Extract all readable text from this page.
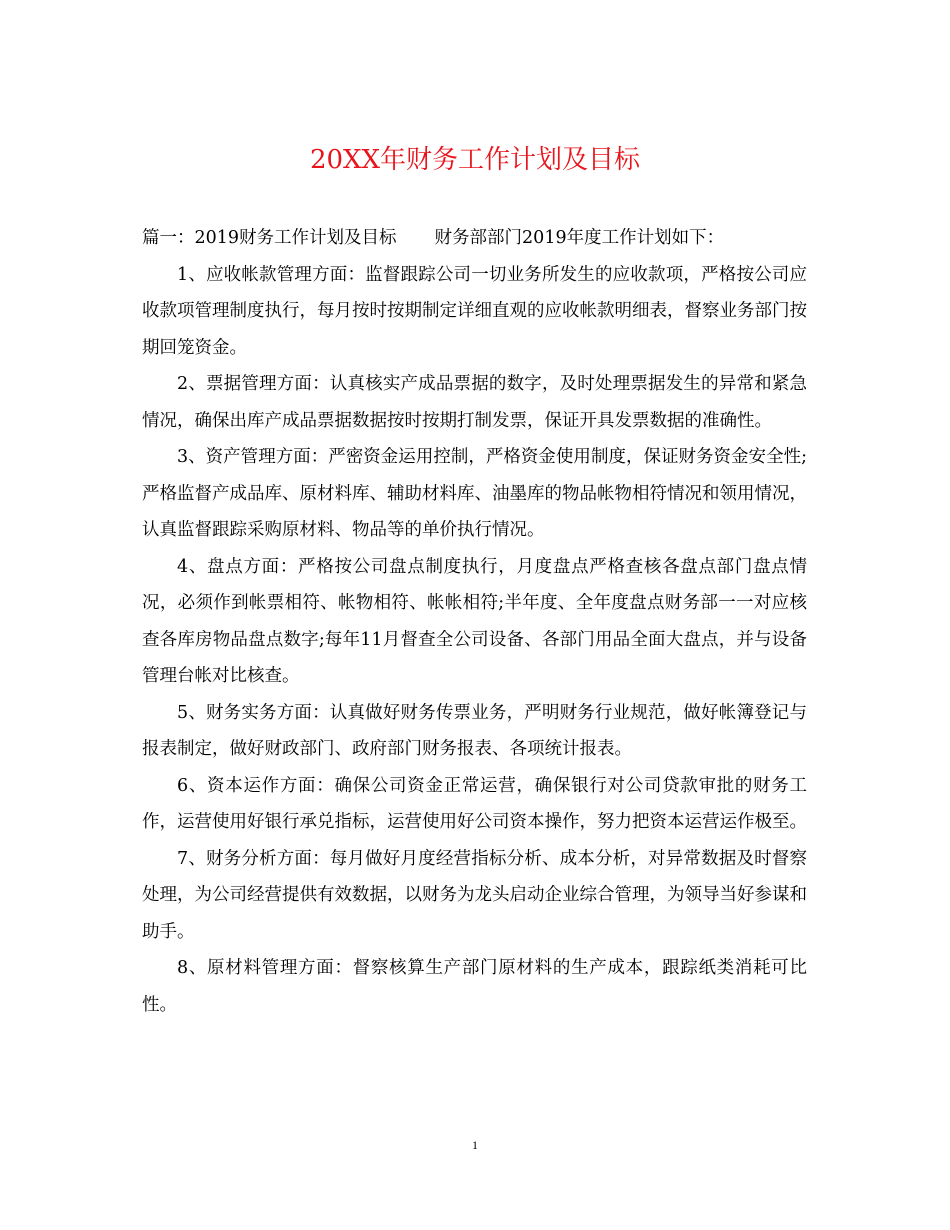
20XX年财务工作计划及目标

篇一：2019财务工作计划及目标 财务部部门2019年度工作计划如下：

1、应收帐款管理方面：监督跟踪公司一切业务所发生的应收款项，严格按公司应收款项管理制度执行，每月按时按期制定详细直观的应收帐款明细表，督察业务部门按期回笼资金。

2、票据管理方面：认真核实产成品票据的数字，及时处理票据发生的异常和紧急情况，确保出库产成品票据数据按时按期打制发票，保证开具发票数据的准确性。

3、资产管理方面：严密资金运用控制，严格资金使用制度，保证财务资金安全性;严格监督产成品库、原材料库、辅助材料库、油墨库的物品帐物相符情况和领用情况，认真监督跟踪采购原材料、物品等的单价执行情况。

4、盘点方面：严格按公司盘点制度执行，月度盘点严格查核各盘点部门盘点情况，必须作到帐票相符、帐物相符、帐帐相符;半年度、全年度盘点财务部一一对应核查各库房物品盘点数字;每年11月督查全公司设备、各部门用品全面大盘点，并与设备管理台帐对比核查。

5、财务实务方面：认真做好财务传票业务，严明财务行业规范，做好帐簿登记与报表制定，做好财政部门、政府部门财务报表、各项统计报表。

6、资本运作方面：确保公司资金正常运营，确保银行对公司贷款审批的财务工作，运营使用好银行承兑指标，运营使用好公司资本操作，努力把资本运营运作极至。

7、财务分析方面：每月做好月度经营指标分析、成本分析，对异常数据及时督察处理，为公司经营提供有效数据，以财务为龙头启动企业综合管理，为领导当好参谋和助手。

8、原材料管理方面：督察核算生产部门原材料的生产成本，跟踪纸类消耗可比性。

1
